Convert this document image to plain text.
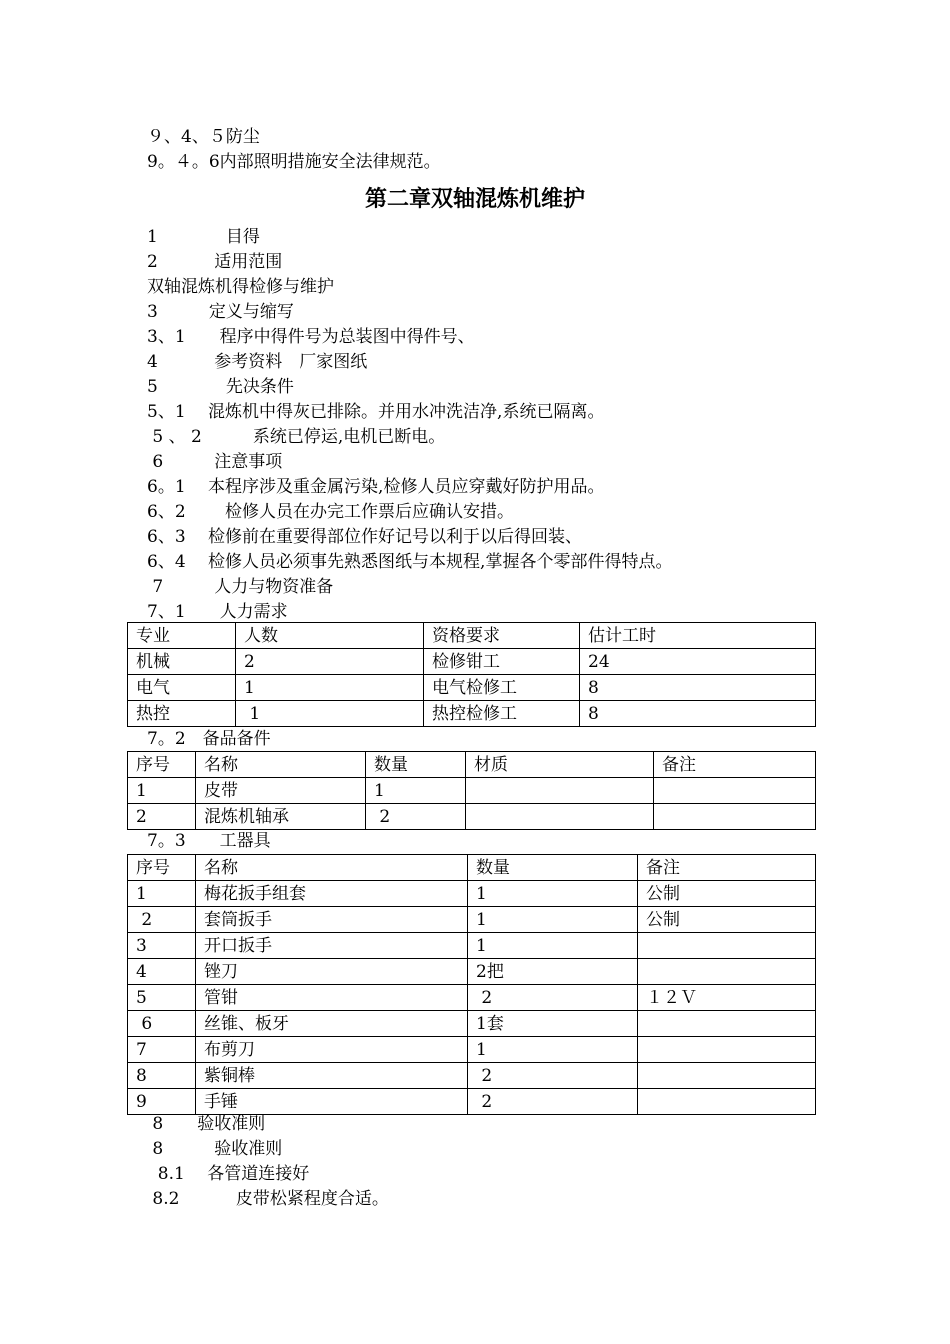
９、4、５防尘
9。４。6内部照明措施安全法律规范。
第二章双轴混炼机维护
1　　　　目得
2　　　 适用范围
双轴混炼机得检修与维护
3　　　定义与缩写
3、1　　程序中得件号为总装图中得件号、
4　　　 参考资料　厂家图纸
5　　　　先决条件
5、1　 混炼机中得灰已排除。并用水冲洗洁净,系统已隔离。
5 、 2　　　系统已停运,电机已断电。
6　　　注意事项
6。1　 本程序涉及重金属污染,检修人员应穿戴好防护用品。
6、2　　 检修人员在办完工作票后应确认安措。
6、3　 检修前在重要得部位作好记号以利于以后得回装、
6、4　 检修人员必须事先熟悉图纸与本规程,掌握各个零部件得特点。
7　　　人力与物资准备
7、1　　人力需求
专业	人数	资格要求	估计工时
机械	2	检修钳工	24
电气	1	电气检修工	8
热控	1	热控检修工	8
7。2　备品备件
序号	名称	数量	材质	备注
1	皮带	1		
2	混炼机轴承	2		
7。3　　工器具
序号	名称	数量	备注
1	梅花扳手组套	1	公制
2	套筒扳手	1	公制
3	开口扳手	1	
4	锉刀	2把	
5	管钳	2	１２Ｖ
6	丝锥、板牙	1套	
7	布剪刀	1	
8	紫铜棒	2	
9	手锤	2	
8　　验收准则
8　　　验收准则
8.1　 各管道连接好
8.2　　　 皮带松紧程度合适。
